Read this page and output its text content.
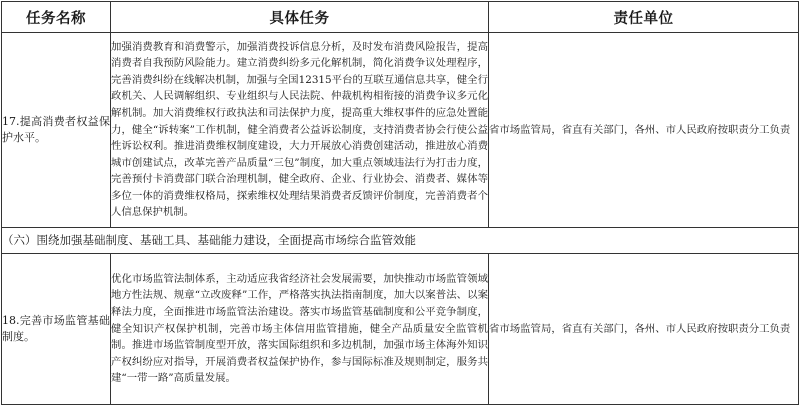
任务名称	具体任务	责任单位
17.提高消费者权益保护水平。	加强消费教育和消费警示，加强消费投诉信息分析，及时发布消费风险报告，提高消费者自我预防风险能力。建立消费纠纷多元化解机制，简化消费争议处理程序，完善消费纠纷在线解决机制，加强与全国12315平台的互联互通信息共享，健全行政机关、人民调解组织、专业组织与人民法院、仲裁机构相衔接的消费争议多元化解机制。加大消费维权行政执法和司法保护力度，提高重大维权事件的应急处置能力，健全“诉转案”工作机制，健全消费者公益诉讼制度，支持消费者协会行使公益性诉讼权利。推进消费维权制度建设，大力开展放心消费创建活动，推进放心消费城市创建试点，改革完善产品质量“三包”制度，加大重点领域违法行为打击力度，完善预付卡消费部门联合治理机制，健全政府、企业、行业协会、消费者、媒体等多位一体的消费维权格局，探索维权处理结果消费者反馈评价制度，完善消费者个人信息保护机制。	省市场监管局，省直有关部门，各州、市人民政府按职责分工负责
（六）围绕加强基础制度、基础工具、基础能力建设，全面提高市场综合监管效能		
18.完善市场监管基础制度。	优化市场监管法制体系，主动适应我省经济社会发展需要，加快推动市场监管领域地方性法规、规章“立改废释”工作，严格落实执法指南制度，加大以案普法、以案释法力度，全面推进市场监管法治建设。落实市场监管基础制度和公平竞争制度，健全知识产权保护机制，完善市场主体信用监管措施，健全产品质量安全监管机制。推进市场监管制度型开放，落实国际组织和多边机制，加强市场主体海外知识产权纠纷应对指导，开展消费者权益保护协作，参与国际标准及规则制定，服务共建“一带一路”高质量发展。	省市场监管局，省直有关部门，各州、市人民政府按职责分工负责
